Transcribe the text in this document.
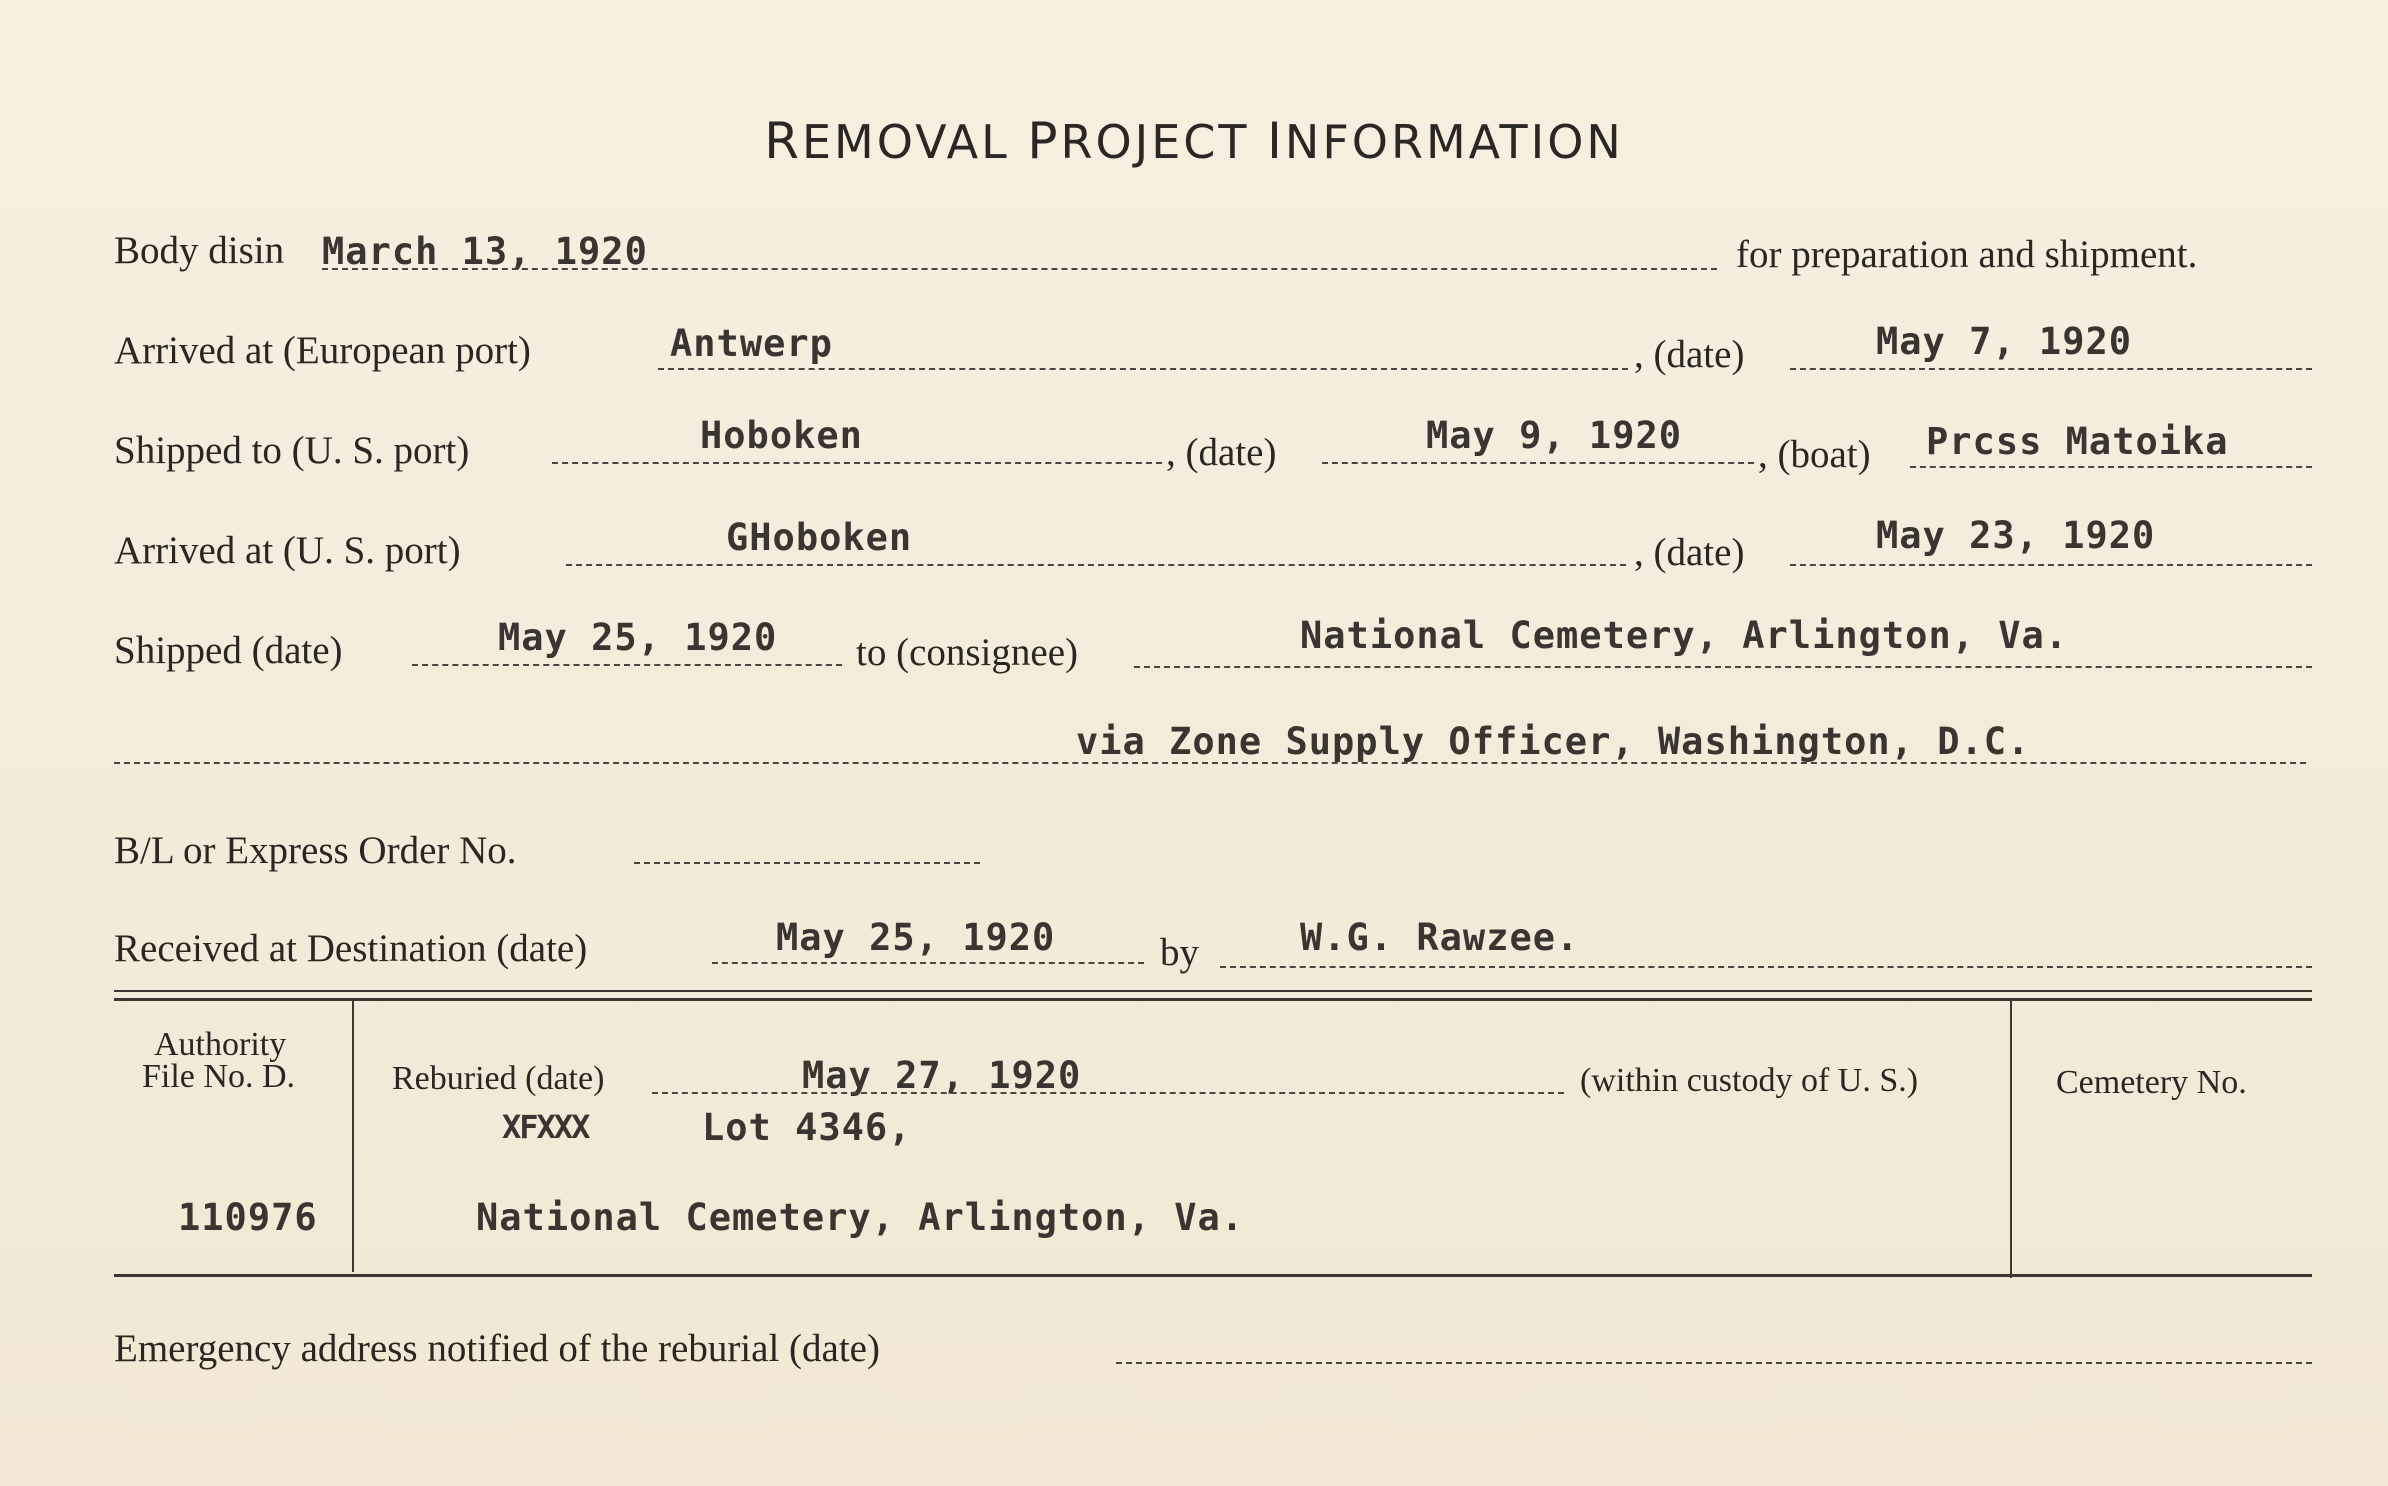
REMOVAL PROJECT INFORMATION
Body disin March 13, 1920	for preparation and shipment.
Arrived at (European port)	Antwerp	, (date)	May 7, 1920
Shipped to (U. S. port)	Hoboken	, (date)	May 9, 1920 , (boat) Prcss Matoika
Arrived at (U. S. port)	GHoboken	, (date)	May 23, 1920
Shipped (date)	May 25, 1920 to (consignee)	National Cemetery, Arlington, Va.
via Zone Supply Officer, Washington, D.C.
B/L or Express Order No.
Received at Destination (date)	May 25, 1920	by	W.G. Rawzee.
Authority
File No. D.
110976
Reburied (date)	May 27, 1920	(within custody of U. S.)
XFXXX	Lot 4346,
National Cemetery, Arlington, Va.
Cemetery No.
Emergency address notified of the reburial (date)
